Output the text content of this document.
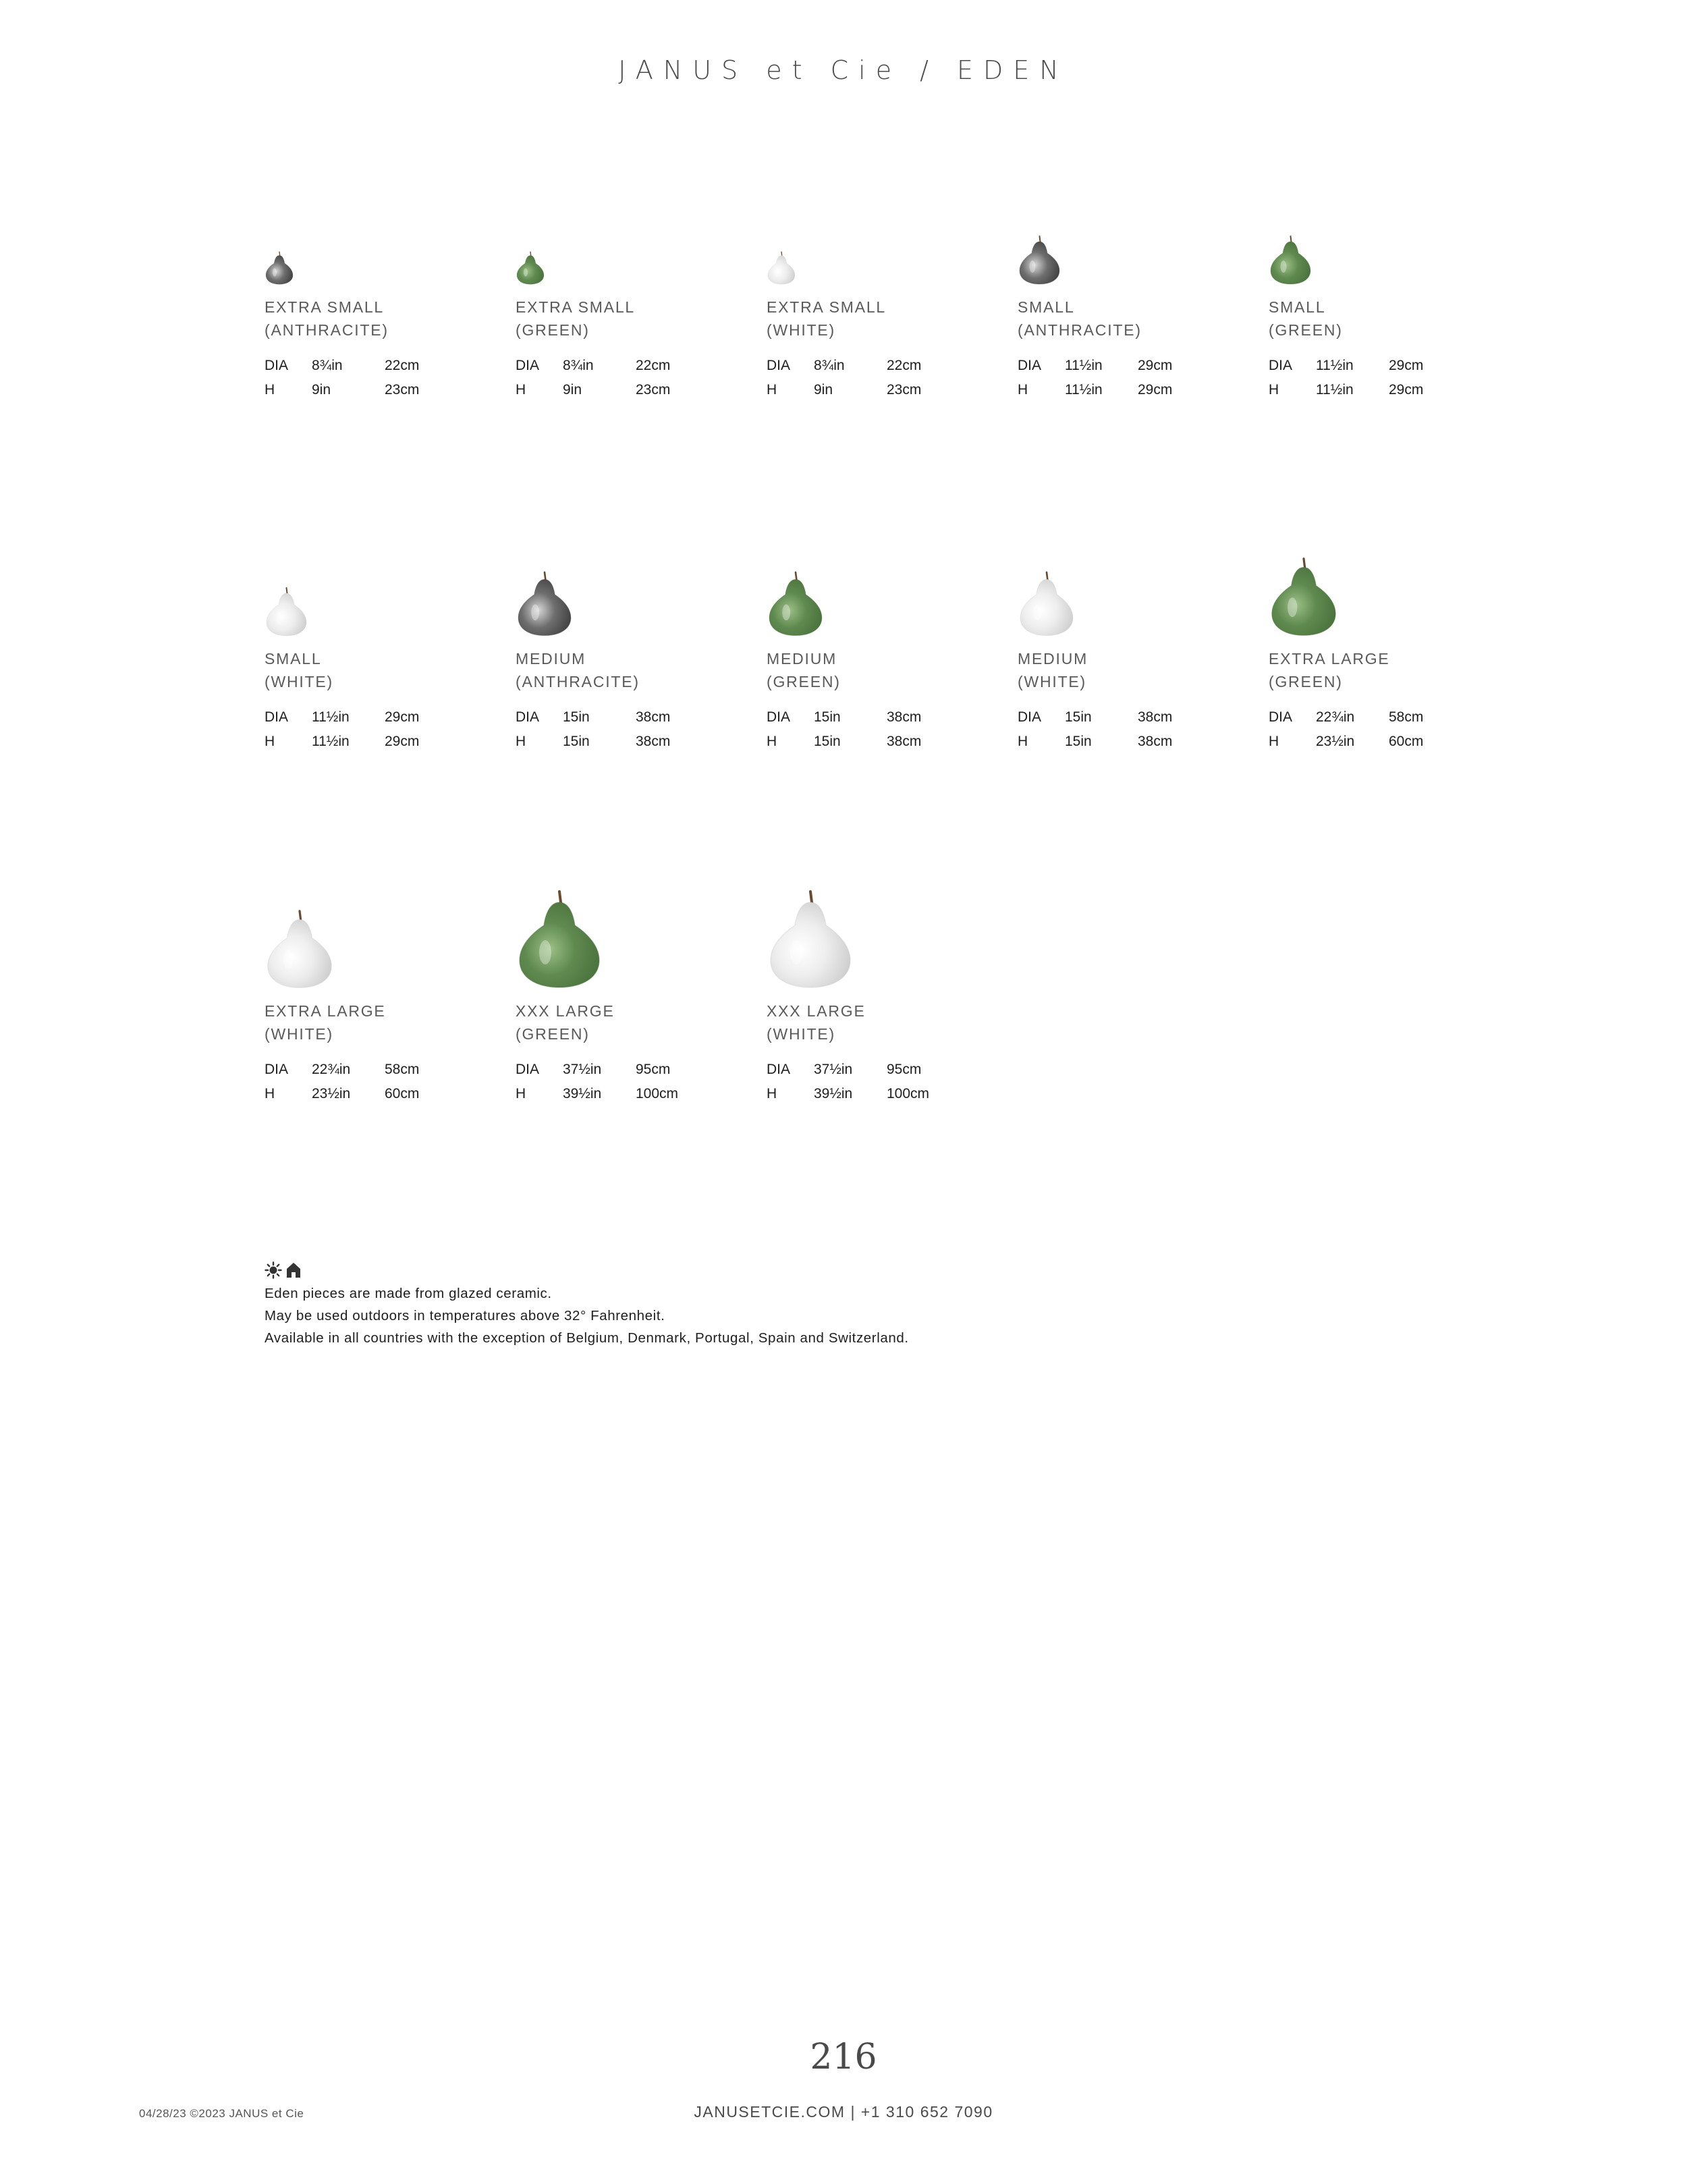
JANUS et Cie / EDEN
EXTRA SMALL
(ANTHRACITE)
DIA	8¾in	22cm
H	9in	23cm
EXTRA SMALL
(GREEN)
DIA	8¾in	22cm
H	9in	23cm
EXTRA SMALL
(WHITE)
DIA	8¾in	22cm
H	9in	23cm
SMALL
(ANTHRACITE)
DIA	11½in	29cm
H	11½in	29cm
SMALL
(GREEN)
DIA	11½in	29cm
H	11½in	29cm
SMALL
(WHITE)
DIA	11½in	29cm
H	11½in	29cm
MEDIUM
(ANTHRACITE)
DIA	15in	38cm
H	15in	38cm
MEDIUM
(GREEN)
DIA	15in	38cm
H	15in	38cm
MEDIUM
(WHITE)
DIA	15in	38cm
H	15in	38cm
EXTRA LARGE
(GREEN)
DIA	22¾in	58cm
H	23½in	60cm
EXTRA LARGE
(WHITE)
DIA	22¾in	58cm
H	23½in	60cm
XXX LARGE
(GREEN)
DIA	37½in	95cm
H	39½in	100cm
XXX LARGE
(WHITE)
DIA	37½in	95cm
H	39½in	100cm
Eden pieces are made from glazed ceramic.
May be used outdoors in temperatures above 32° Fahrenheit.
Available in all countries with the exception of Belgium, Denmark, Portugal, Spain and Switzerland.
216
04/28/23 ©2023 JANUS et Cie	JANUSETCIE.COM | +1 310 652 7090
